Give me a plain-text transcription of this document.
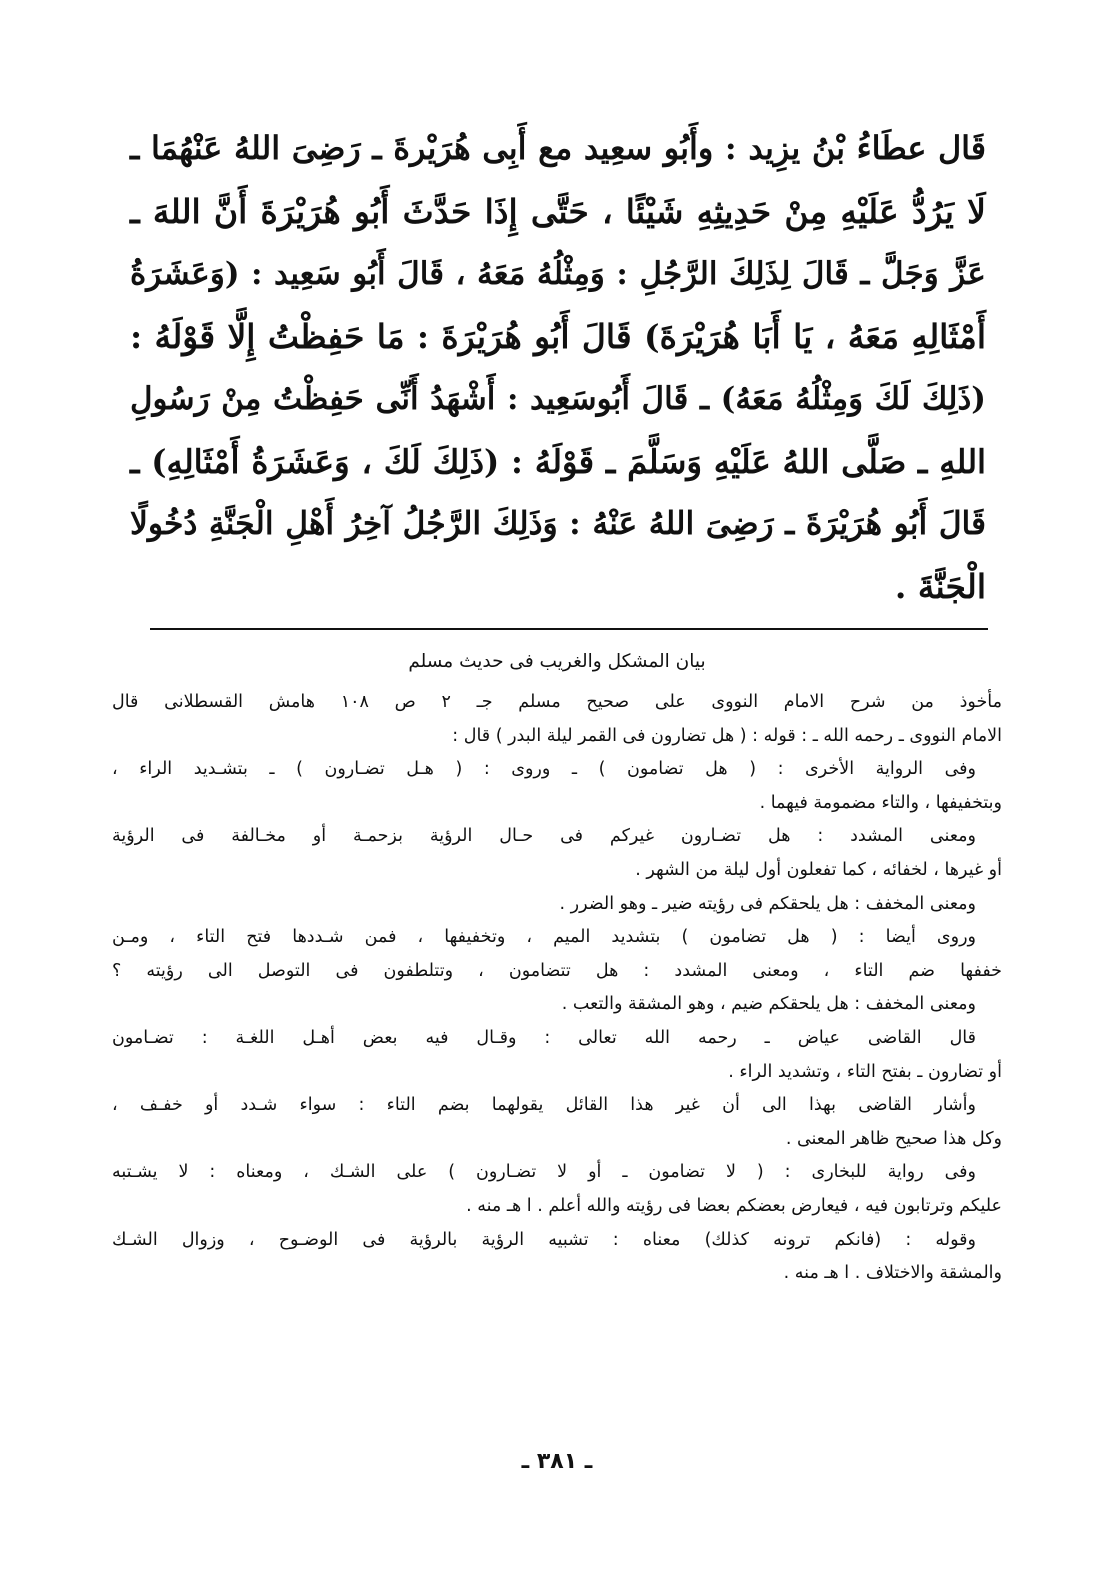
قَال عطَاءُ بْنُ يزِيد : وأَبُو سعِيد مع أَبِى هُرَيْرةَ ـ رَضِىَ اللهُ عَنْهُمَا ـ
لَا يَرُدُّ عَلَيْهِ مِنْ حَدِيثِهِ شَيْئًا ، حَتَّى إِذَا حَدَّثَ أَبُو هُرَيْرَةَ أَنَّ اللهَ ـ
عَزَّ وَجَلَّ ـ قَالَ لِذَلِكَ الرَّجُلِ : وَمِثْلُهُ مَعَهُ ، قَالَ أَبُو سَعِيد : (وَعَشَرَةُ
أَمْثَالِهِ مَعَهُ ، يَا أَبَا هُرَيْرَةَ) قَالَ أَبُو هُرَيْرَةَ : مَا حَفِظْتُ إِلَّا قَوْلَهُ :
(ذَلِكَ لَكَ وَمِثْلُهُ مَعَهُ) ـ قَالَ أَبُوسَعِيد : أَشْهَدُ أَنِّى حَفِظْتُ مِنْ رَسُولِ
اللهِ ـ صَلَّى اللهُ عَلَيْهِ وَسَلَّمَ ـ قَوْلَهُ : (ذَلِكَ لَكَ ، وَعَشَرَةُ أَمْثَالِهِ) ـ
قَالَ أَبُو هُرَيْرَةَ ـ رَضِىَ اللهُ عَنْهُ : وَذَلِكَ الرَّجُلُ آخِرُ أَهْلِ الْجَنَّةِ دُخُولًا
الْجَنَّةَ .
بيان المشكل والغريب فى حديث مسلم
مأخوذ من شرح الامام النووى على صحيح مسلم جـ ٢ ص ١٠٨ هامش القسطلانى قال
الامام النووى ـ رحمه الله ـ : قوله : ( هل تضارون فى القمر ليلة البدر ) قال :
وفى الرواية الأخرى : ( هل تضامون ) ـ وروى : ( هـل تضـارون ) ـ بتشـديد الراء ،
وبتخفيفها ، والتاء مضمومة فيهما .
ومعنى المشدد : هل تضـارون غيركم فى حـال الرؤية بزحمـة أو مخـالفة فى الرؤية
أو غيرها ، لخفائه ، كما تفعلون أول ليلة من الشهر .
ومعنى المخفف : هل يلحقكم فى رؤيته ضير ـ وهو الضرر .
وروى أيضا : ( هل تضامون ) بتشديد الميم ، وتخفيفها ، فمن شـددها فتح التاء ، ومـن
خففها ضم التاء ، ومعنى المشدد : هل تتضامون ، وتتلطفون فى التوصل الى رؤيته ؟
ومعنى المخفف : هل يلحقكم ضيم ، وهو المشقة والتعب .
قال القاضى عياض ـ رحمه الله تعالى : وقـال فيه بعض أهـل اللغـة : تضـامون
أو تضارون ـ بفتح التاء ، وتشديد الراء .
وأشار القاضى بهذا الى أن غير هذا القائل يقولهما بضم التاء : سواء شـدد أو خفـف ،
وكل هذا صحيح ظاهر المعنى .
وفى رواية للبخارى : ( لا تضامون ـ أو لا تضـارون ) على الشـك ، ومعناه : لا يشـتبه
عليكم وترتابون فيه ، فيعارض بعضكم بعضا فى رؤيته والله أعلم . ا هـ منه .
وقوله : (فانكم ترونه كذلك) معناه : تشبيه الرؤية بالرؤية فى الوضـوح ، وزوال الشـك
والمشقة والاختلاف . ا هـ منه .
ـ ٣٨١ ـ
